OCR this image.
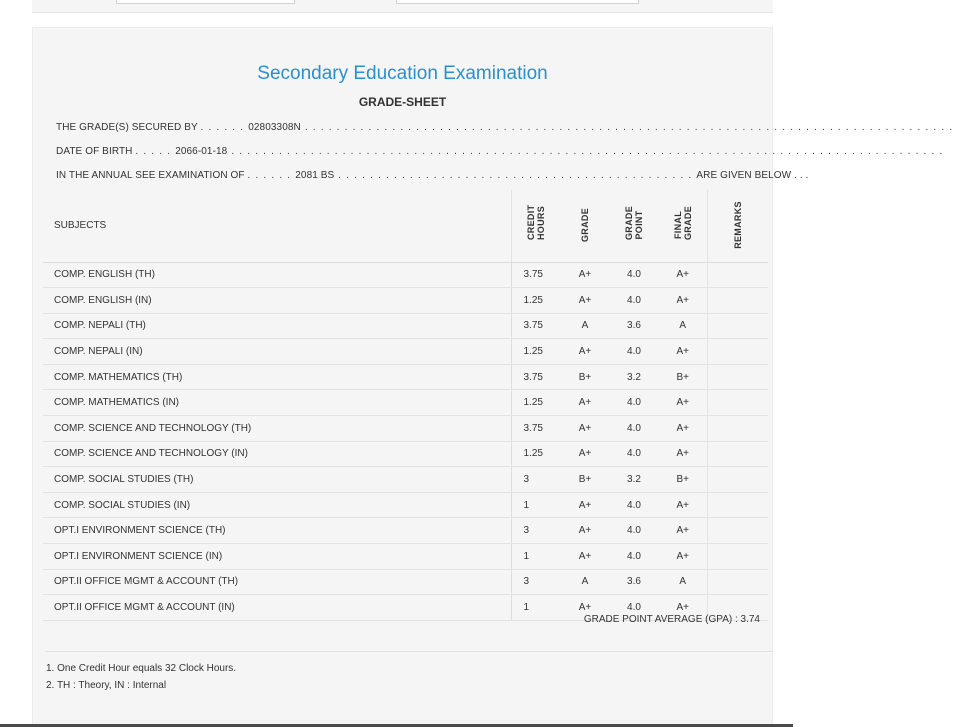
Secondary Education Examination
GRADE-SHEET
THE GRADE(S) SECURED BY . . . . . . 02803308N . . . . . . . . . . . . . . . . . . . . . . . . . . . . . . . . . . . . . . . . . . . . . . . . . . . . . . . . . . . . . . . . . . . . . . . . . . . . . . . . . .
DATE OF BIRTH . . . . . 2066-01-18 . . . . . . . . . . . . . . . . . . . . . . . . . . . . . . . . . . . . . . . . . . . . . . . . . . . . . . . . . . . . . . . . . . . . . . . . . . . . . . . . . . . . . . . . . .
IN THE ANNUAL SEE EXAMINATION OF . . . . . . 2081 BS . . . . . . . . . . . . . . . . . . . . . . . . . . . . . . . . . . . . . . . . . . . . . ARE GIVEN BELOW . . .
SUBJECTS	CREDIT HOURS	GRADE	GRADE POINT	FINAL GRADE	REMARKS
COMP. ENGLISH (TH)	3.75	A+	4.0	A+	
COMP. ENGLISH (IN)	1.25	A+	4.0	A+	
COMP. NEPALI (TH)	3.75	A	3.6	A	
COMP. NEPALI (IN)	1.25	A+	4.0	A+	
COMP. MATHEMATICS (TH)	3.75	B+	3.2	B+	
COMP. MATHEMATICS (IN)	1.25	A+	4.0	A+	
COMP. SCIENCE AND TECHNOLOGY (TH)	3.75	A+	4.0	A+	
COMP. SCIENCE AND TECHNOLOGY (IN)	1.25	A+	4.0	A+	
COMP. SOCIAL STUDIES (TH)	3	B+	3.2	B+	
COMP. SOCIAL STUDIES (IN)	1	A+	4.0	A+	
OPT.I ENVIRONMENT SCIENCE (TH)	3	A+	4.0	A+	
OPT.I ENVIRONMENT SCIENCE (IN)	1	A+	4.0	A+	
OPT.II OFFICE MGMT & ACCOUNT (TH)	3	A	3.6	A	
OPT.II OFFICE MGMT & ACCOUNT (IN)	1	A+	4.0	A+	
GRADE POINT AVERAGE (GPA) : 3.74
1. One Credit Hour equals 32 Clock Hours.
2. TH : Theory, IN : Internal
